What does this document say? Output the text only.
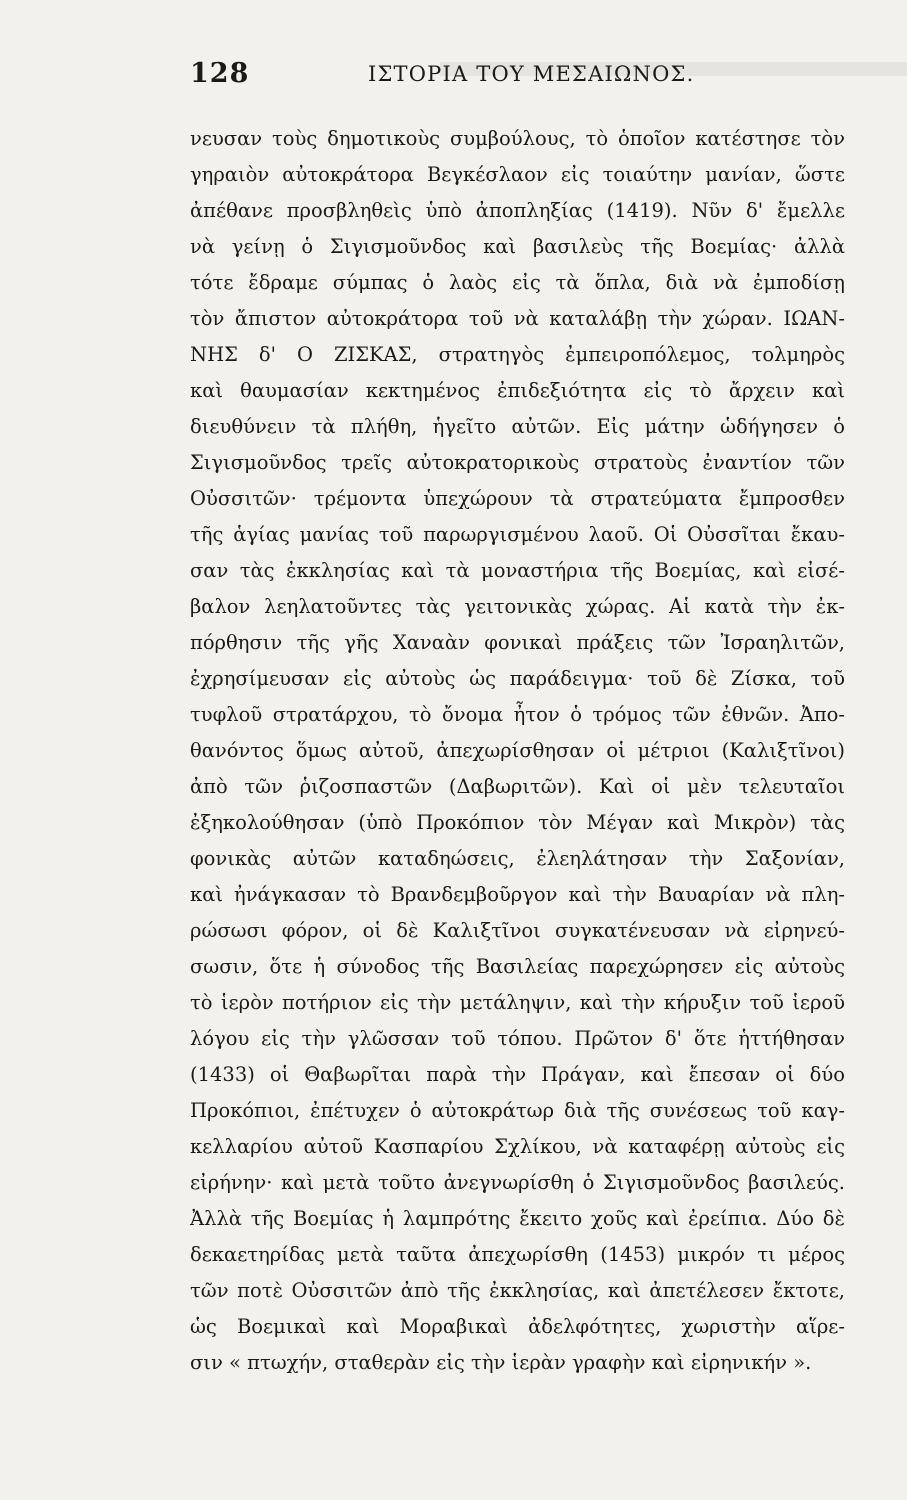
128	ΙΣΤΟΡΙΑ ΤΟΥ ΜΕΣΑΙΩΝΟΣ.
νευσαν τοὺς δημοτικοὺς συμβούλους, τὸ ὁποῖον κατέστησε τὸν
γηραιὸν αὐτοκράτορα Βεγκέσλαον εἰς τοιαύτην μανίαν, ὥστε
ἀπέθανε προσβληθεὶς ὑπὸ ἀποπληξίας (1419). Νῦν δ' ἔμελλε
νὰ γείνῃ ὁ Σιγισμοῦνδος καὶ βασιλεὺς τῆς Βοεμίας· ἀλλὰ
τότε ἔδραμε σύμπας ὁ λαὸς εἰς τὰ ὅπλα, διὰ νὰ ἐμποδίσῃ
τὸν ἄπιστον αὐτοκράτορα τοῦ νὰ καταλάβῃ τὴν χώραν. ΙΩΑΝ-
ΝΗΣ δ' Ο ΖΙΣΚΑΣ, στρατηγὸς ἐμπειροπόλεμος, τολμηρὸς
καὶ θαυμασίαν κεκτημένος ἐπιδεξιότητα εἰς τὸ ἄρχειν καὶ
διευθύνειν τὰ πλήθη, ἡγεῖτο αὐτῶν. Εἰς μάτην ὡδήγησεν ὁ
Σιγισμοῦνδος τρεῖς αὐτοκρατορικοὺς στρατοὺς ἐναντίον τῶν
Οὐσσιτῶν· τρέμοντα ὑπεχώρουν τὰ στρατεύματα ἔμπροσθεν
τῆς ἁγίας μανίας τοῦ παρωργισμένου λαοῦ. Οἱ Οὐσσῖται ἔκαυ-
σαν τὰς ἐκκλησίας καὶ τὰ μοναστήρια τῆς Βοεμίας, καὶ εἰσέ-
βαλον λεηλατοῦντες τὰς γειτονικὰς χώρας. Αἱ κατὰ τὴν ἐκ-
πόρθησιν τῆς γῆς Χαναὰν φονικαὶ πράξεις τῶν Ἰσραηλιτῶν,
ἐχρησίμευσαν εἰς αὐτοὺς ὡς παράδειγμα· τοῦ δὲ Ζίσκα, τοῦ
τυφλοῦ στρατάρχου, τὸ ὄνομα ἦτον ὁ τρόμος τῶν ἐθνῶν. Ἀπο-
θανόντος ὅμως αὐτοῦ, ἀπεχωρίσθησαν οἱ μέτριοι (Καλιξτῖνοι)
ἀπὸ τῶν ῥιζοσπαστῶν (Δαβωριτῶν). Καὶ οἱ μὲν τελευταῖοι
ἐξηκολούθησαν (ὑπὸ Προκόπιον τὸν Μέγαν καὶ Μικρὸν) τὰς
φονικὰς αὐτῶν καταδηώσεις, ἐλεηλάτησαν τὴν Σαξονίαν,
καὶ ἠνάγκασαν τὸ Βρανδεμβοῦργον καὶ τὴν Βαυαρίαν νὰ πλη-
ρώσωσι φόρον, οἱ δὲ Καλιξτῖνοι συγκατένευσαν νὰ εἰρηνεύ-
σωσιν, ὅτε ἡ σύνοδος τῆς Βασιλείας παρεχώρησεν εἰς αὐτοὺς
τὸ ἱερὸν ποτήριον εἰς τὴν μετάληψιν, καὶ τὴν κήρυξιν τοῦ ἱεροῦ
λόγου εἰς τὴν γλῶσσαν τοῦ τόπου. Πρῶτον δ' ὅτε ἡττήθησαν
(1433) οἱ Θαβωρῖται παρὰ τὴν Πράγαν, καὶ ἔπεσαν οἱ δύο
Προκόπιοι, ἐπέτυχεν ὁ αὐτοκράτωρ διὰ τῆς συνέσεως τοῦ καγ-
κελλαρίου αὐτοῦ Κασπαρίου Σχλίκου, νὰ καταφέρῃ αὐτοὺς εἰς
εἰρήνην· καὶ μετὰ τοῦτο ἀνεγνωρίσθη ὁ Σιγισμοῦνδος βασιλεύς.
Ἀλλὰ τῆς Βοεμίας ἡ λαμπρότης ἔκειτο χοῦς καὶ ἐρείπια. Δύο δὲ
δεκαετηρίδας μετὰ ταῦτα ἀπεχωρίσθη (1453) μικρόν τι μέρος
τῶν ποτὲ Οὐσσιτῶν ἀπὸ τῆς ἐκκλησίας, καὶ ἀπετέλεσεν ἔκτοτε,
ὡς Βοεμικαὶ καὶ Μοραβικαὶ ἀδελφότητες, χωριστὴν αἵρε-
σιν « πτωχήν, σταθερὰν εἰς τὴν ἱερὰν γραφὴν καὶ εἰρηνικήν ».
